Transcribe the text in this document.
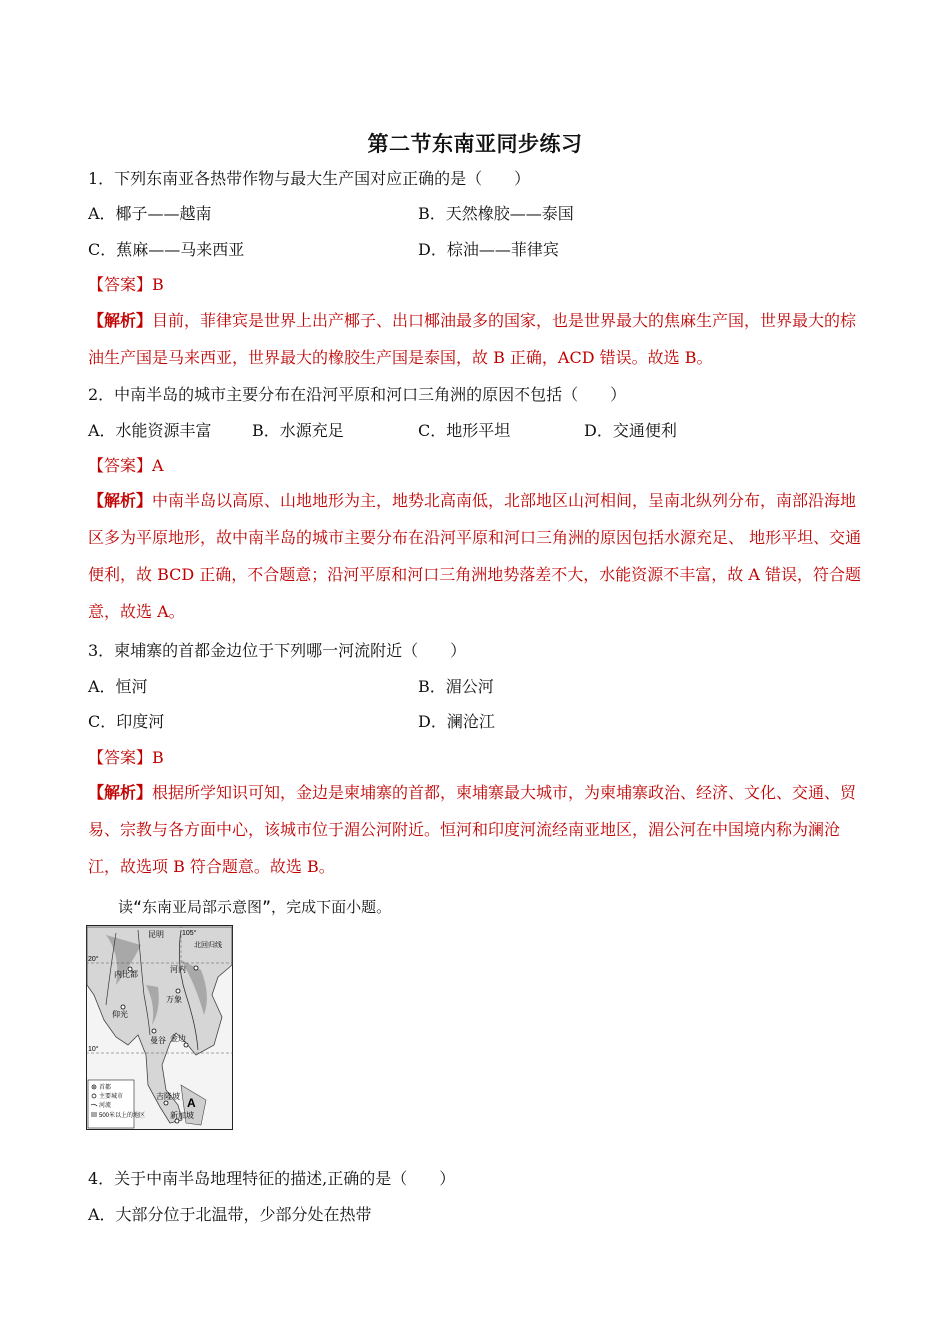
第二节东南亚同步练习
1．下列东南亚各热带作物与最大生产国对应正确的是（　　）
A．椰子——越南	B．天然橡胶——泰国
C．蕉麻——马来西亚	D．棕油——菲律宾
【答案】B
【解析】目前，菲律宾是世界上出产椰子、出口椰油最多的国家，也是世界最大的焦麻生产国，世界最大的棕油生产国是马来西亚，世界最大的橡胶生产国是泰国，故 B 正确，ACD 错误。故选 B。
2．中南半岛的城市主要分布在沿河平原和河口三角洲的原因不包括（　　）
A．水能资源丰富	B．水源充足	C．地形平坦	D．交通便利
【答案】A
【解析】中南半岛以高原、山地地形为主，地势北高南低，北部地区山河相间，呈南北纵列分布，南部沿海地区多为平原地形，故中南半岛的城市主要分布在沿河平原和河口三角洲的原因包括水源充足、 地形平坦、交通便利，故 BCD 正确，不合题意；沿河平原和河口三角洲地势落差不大，水能资源不丰富，故 A 错误，符合题意，故选 A。
3．柬埔寨的首都金边位于下列哪一河流附近（　　）
A．恒河	B．湄公河
C．印度河	D．澜沧江
【答案】B
【解析】根据所学知识可知，金边是柬埔寨的首都，柬埔寨最大城市，为柬埔寨政治、经济、文化、交通、贸易、宗教与各方面中心，该城市位于湄公河附近。恒河和印度河流经南亚地区，湄公河在中国境内称为澜沧江，故选项 B 符合题意。故选 B。
读“东南亚局部示意图”，完成下面小题。
昆明	105°
北回归线
20°
内比都
河内
万象
仰光
曼谷 金边
10°
吉隆坡
新加坡
A
首都
主要城市
河流
500米以上的地区
4．关于中南半岛地理特征的描述,正确的是（　　）
A．大部分位于北温带，少部分处在热带
